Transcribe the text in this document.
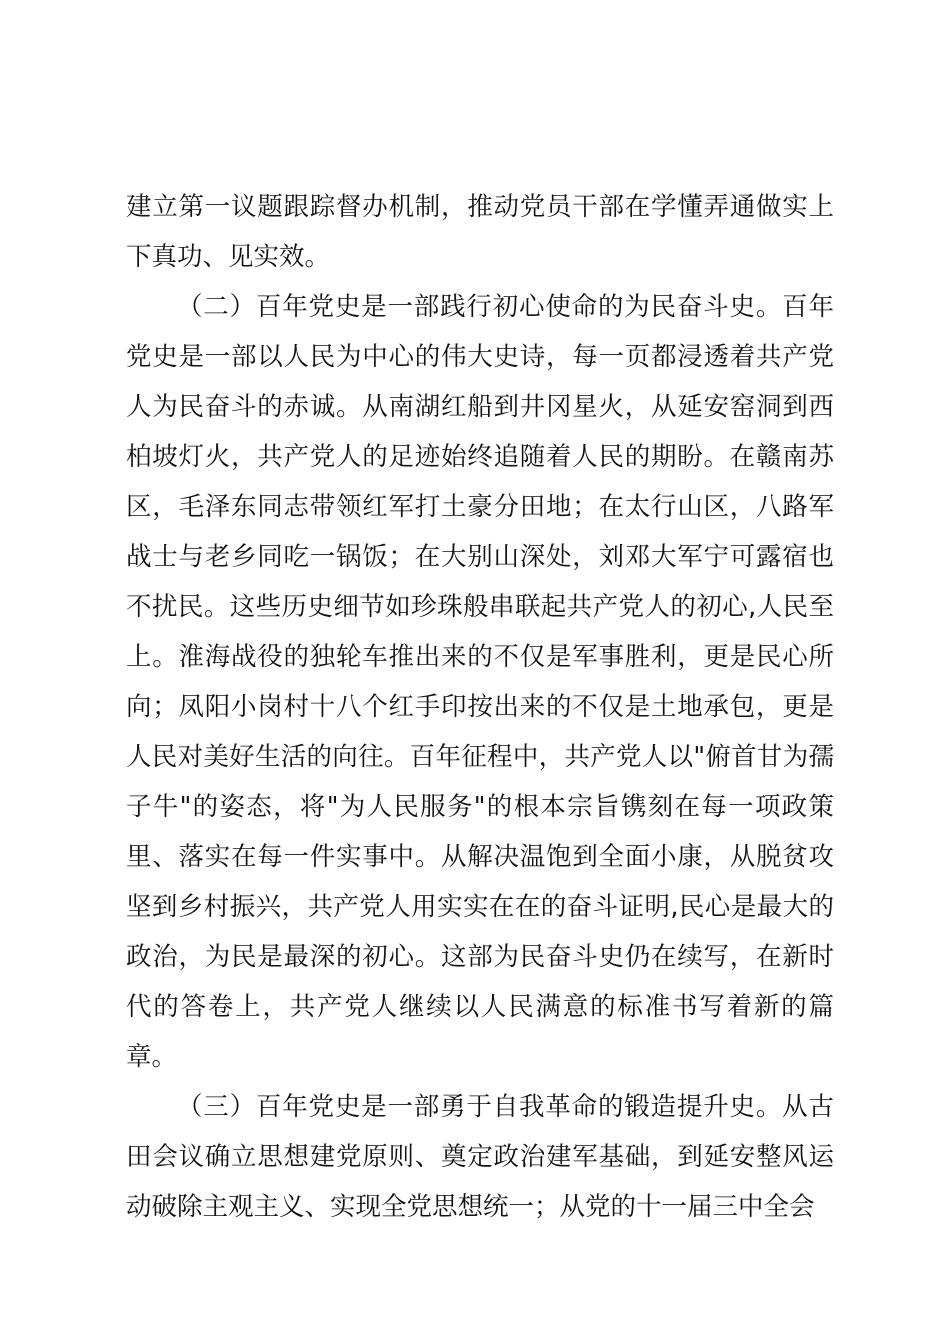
建立第一议题跟踪督办机制，推动党员干部在学懂弄通做实上下真功、见实效。

（二）百年党史是一部践行初心使命的为民奋斗史。百年党史是一部以人民为中心的伟大史诗，每一页都浸透着共产党人为民奋斗的赤诚。从南湖红船到井冈星火，从延安窑洞到西柏坡灯火，共产党人的足迹始终追随着人民的期盼。在赣南苏区，毛泽东同志带领红军打土豪分田地；在太行山区，八路军战士与老乡同吃一锅饭；在大别山深处，刘邓大军宁可露宿也不扰民。这些历史细节如珍珠般串联起共产党人的初心,人民至上。淮海战役的独轮车推出来的不仅是军事胜利，更是民心所向；凤阳小岗村十八个红手印按出来的不仅是土地承包，更是人民对美好生活的向往。百年征程中，共产党人以"俯首甘为孺子牛"的姿态，将"为人民服务"的根本宗旨镌刻在每一项政策里、落实在每一件实事中。从解决温饱到全面小康，从脱贫攻坚到乡村振兴，共产党人用实实在在的奋斗证明,民心是最大的政治，为民是最深的初心。这部为民奋斗史仍在续写，在新时代的答卷上，共产党人继续以人民满意的标准书写着新的篇章。

（三）百年党史是一部勇于自我革命的锻造提升史。从古田会议确立思想建党原则、奠定政治建军基础，到延安整风运动破除主观主义、实现全党思想统一；从党的十一届三中全会
